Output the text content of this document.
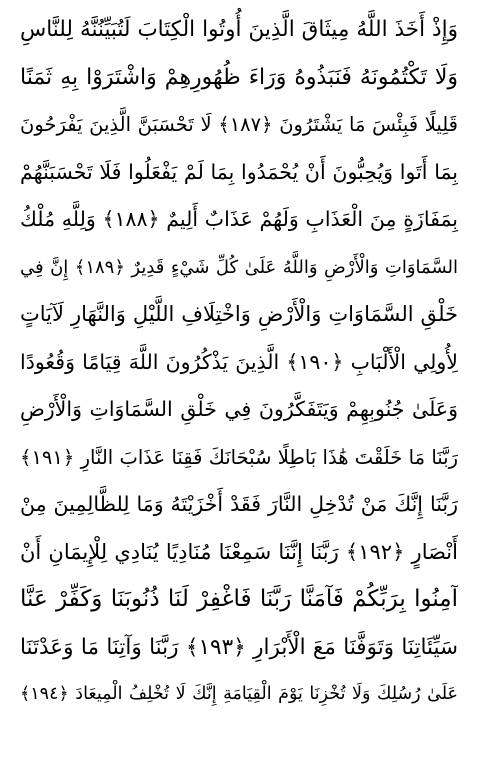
وَإِذْ أَخَذَ اللَّهُ مِيثَاقَ الَّذِينَ أُوتُوا الْكِتَابَ لَتُبَيِّنُنَّهُ لِلنَّاسِ
وَلَا تَكْتُمُونَهُ فَنَبَذُوهُ وَرَاءَ ظُهُورِهِمْ وَاشْتَرَوْا بِهِ ثَمَنًا
قَلِيلًا فَبِئْسَ مَا يَشْتَرُونَ ﴿١٨٧﴾ لَا تَحْسَبَنَّ الَّذِينَ يَفْرَحُونَ
بِمَا أَتَوا وَيُحِبُّونَ أَنْ يُحْمَدُوا بِمَا لَمْ يَفْعَلُوا فَلَا تَحْسَبَنَّهُمْ
بِمَفَازَةٍ مِنَ الْعَذَابِ وَلَهُمْ عَذَابٌ أَلِيمٌ ﴿١٨٨﴾ وَلِلَّهِ مُلْكُ
السَّمَاوَاتِ وَالْأَرْضِ وَاللَّهُ عَلَىٰ كُلِّ شَيْءٍ قَدِيرٌ ﴿١٨٩﴾ إِنَّ فِي
خَلْقِ السَّمَاوَاتِ وَالْأَرْضِ وَاخْتِلَافِ اللَّيْلِ وَالنَّهَارِ لَآيَاتٍ
لِأُولِي الْأَلْبَابِ ﴿١٩٠﴾ الَّذِينَ يَذْكُرُونَ اللَّهَ قِيَامًا وَقُعُودًا
وَعَلَىٰ جُنُوبِهِمْ وَيَتَفَكَّرُونَ فِي خَلْقِ السَّمَاوَاتِ وَالْأَرْضِ
رَبَّنَا مَا خَلَقْتَ هَٰذَا بَاطِلًا سُبْحَانَكَ فَقِنَا عَذَابَ النَّارِ ﴿١٩١﴾
رَبَّنَا إِنَّكَ مَنْ تُدْخِلِ النَّارَ فَقَدْ أَخْزَيْتَهُ وَمَا لِلظَّالِمِينَ مِنْ
أَنْصَارٍ ﴿١٩٢﴾ رَبَّنَا إِنَّنَا سَمِعْنَا مُنَادِيًا يُنَادِي لِلْإِيمَانِ أَنْ
آمِنُوا بِرَبِّكُمْ فَآمَنَّا رَبَّنَا فَاغْفِرْ لَنَا ذُنُوبَنَا وَكَفِّرْ عَنَّا
سَيِّئَاتِنَا وَتَوَفَّنَا مَعَ الْأَبْرَارِ ﴿١٩٣﴾ رَبَّنَا وَآتِنَا مَا وَعَدْتَنَا
عَلَىٰ رُسُلِكَ وَلَا تُخْزِنَا يَوْمَ الْقِيَامَةِ إِنَّكَ لَا تُخْلِفُ الْمِيعَادَ ﴿١٩٤﴾
